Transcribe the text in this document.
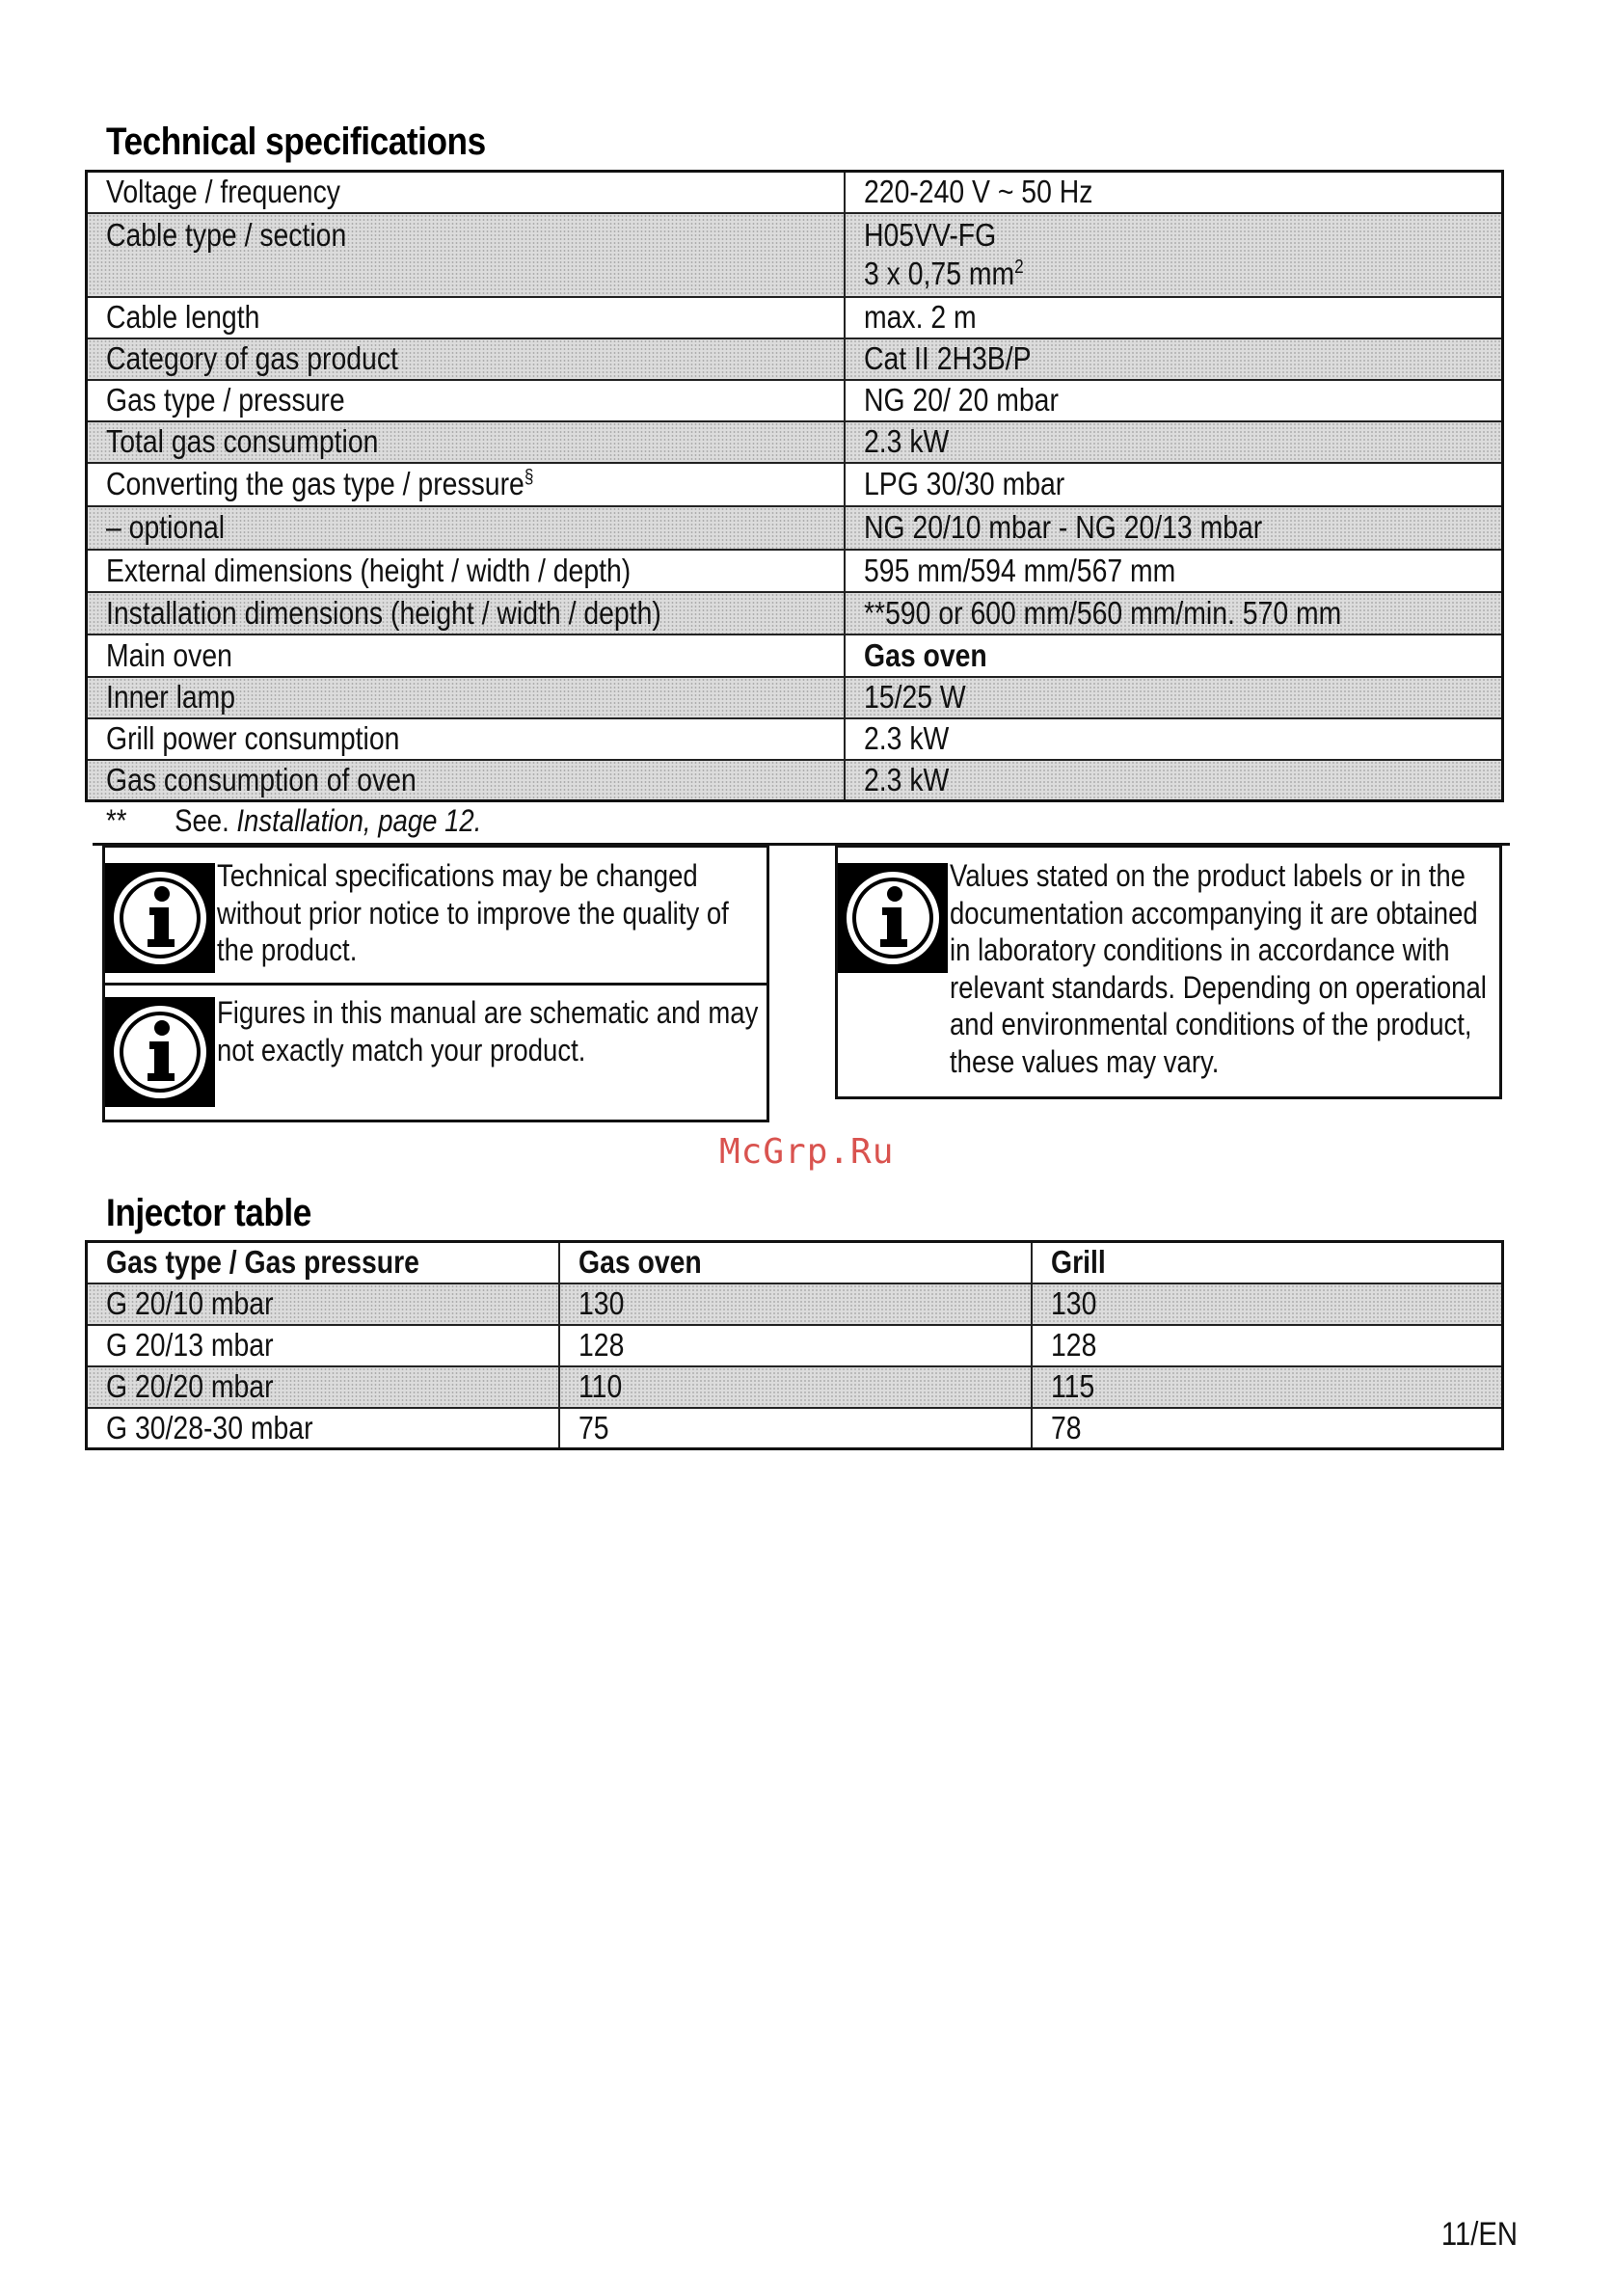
Technical specifications
Voltage / frequency	220-240 V ~ 50 Hz
Cable type / section	H05VV-FG
3 x 0,75 $mm^2$
Cable length	max. 2 m
Category of gas product	Cat II 2H3B/P
Gas type / pressure	NG 20/ 20 mbar
Total gas consumption	2.3 kW
Converting the gas type / pressure§	LPG 30/30 mbar
– optional	NG 20/10 mbar - NG 20/13 mbar
External dimensions (height / width / depth)	595 mm/594 mm/567 mm
Installation dimensions (height / width / depth)	**590 or 600 mm/560 mm/min. 570 mm
Main oven	Gas oven
Inner lamp	15/25 W
Grill power consumption	2.3 kW
Gas consumption of oven	2.3 kW
** See. Installation, page 12.
Technical specifications may be changed
without prior notice to improve the quality of
the product.
Figures in this manual are schematic and may
not exactly match your product.
Values stated on the product labels or in the
documentation accompanying it are obtained
in laboratory conditions in accordance with
relevant standards. Depending on operational
and environmental conditions of the product,
these values may vary.
McGrp.Ru
Injector table
Gas type / Gas pressure	Gas oven	Grill
G 20/10 mbar	130	130
G 20/13 mbar	128	128
G 20/20 mbar	110	115
G 30/28-30 mbar	75	78
11/EN
